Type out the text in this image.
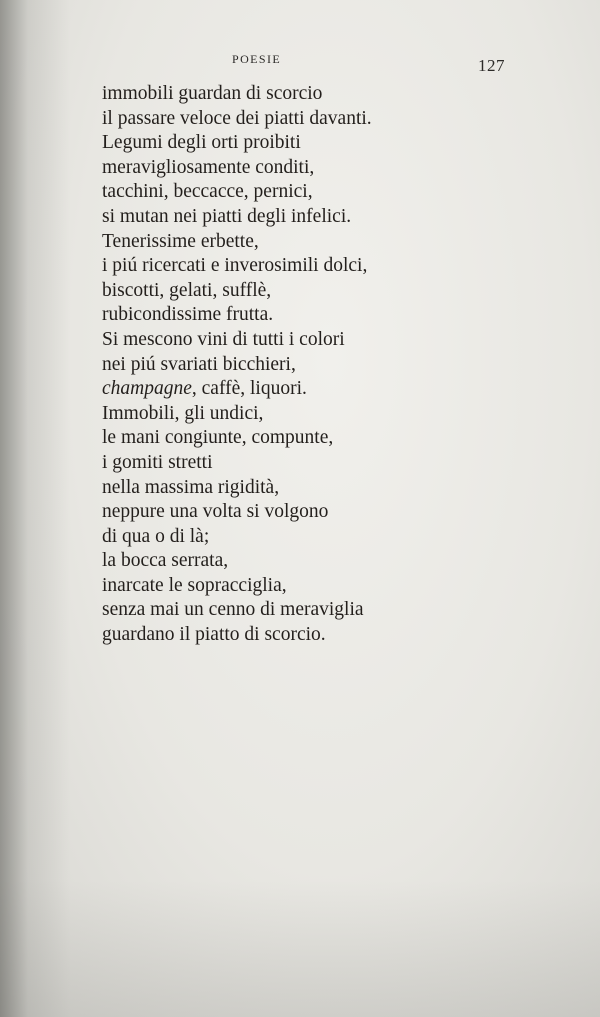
POESIE	127
immobili guardan di scorcio
il passare veloce dei piatti davanti.
Legumi degli orti proibiti
meravigliosamente conditi,
tacchini, beccacce, pernici,
si mutan nei piatti degli infelici.
Tenerissime erbette,
i piú ricercati e inverosimili dolci,
biscotti, gelati, sufflè,
rubicondissime frutta.
Si mescono vini di tutti i colori
nei piú svariati bicchieri,
champagne, caffè, liquori.
Immobili, gli undici,
le mani congiunte, compunte,
i gomiti stretti
nella massima rigidità,
neppure una volta si volgono
di qua o di là;
la bocca serrata,
inarcate le sopracciglia,
senza mai un cenno di meraviglia
guardano il piatto di scorcio.
